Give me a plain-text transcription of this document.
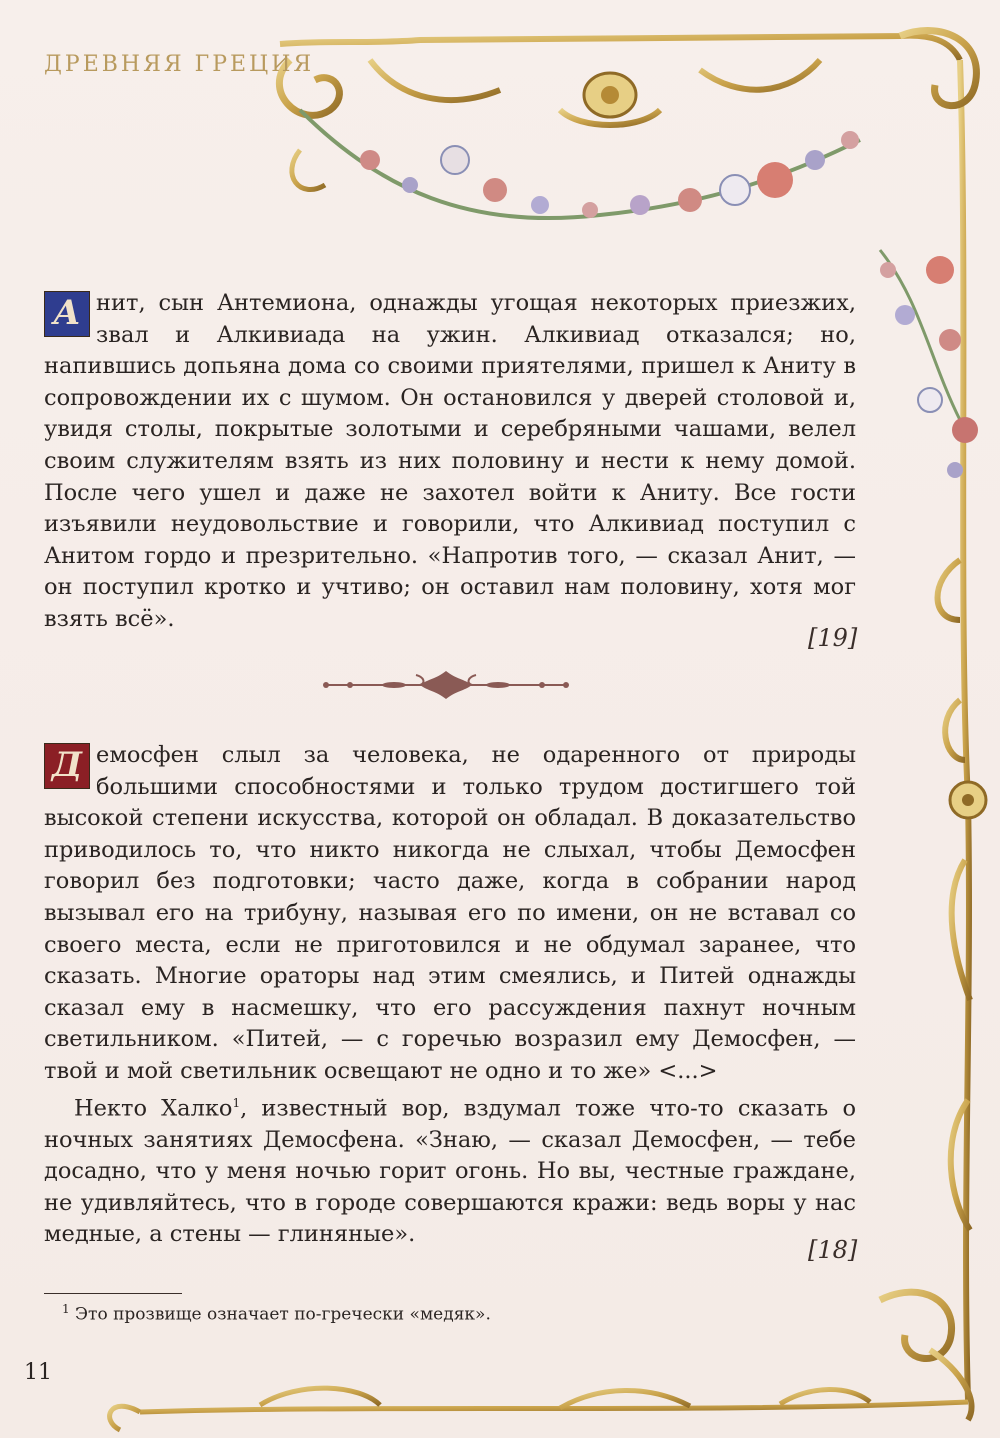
ДРЕВНЯЯ ГРЕЦИЯ

А нит, сын Антемиона, однажды угощая некоторых приезжих, звал и Алкивиада на ужин. Алкивиад отказался; но, напившись допьяна дома со своими приятелями, пришел к Аниту в сопровождении их с шумом. Он остановился у дверей столовой и, увидя столы, покрытые золотыми и серебряными чашами, велел своим служителям взять из них половину и нести к нему домой. После чего ушел и даже не захотел войти к Аниту. Все гости изъявили неудовольствие и говорили, что Алкивиад поступил с Анитом гордо и презрительно. «Напротив того, — сказал Анит, — он поступил кротко и учтиво; он оставил нам половину, хотя мог взять всё».

[19]

Д емосфен слыл за человека, не одаренного от природы большими способностями и только трудом достигшего той высокой степени искусства, которой он обладал. В доказательство приводилось то, что никто никогда не слыхал, чтобы Демосфен говорил без подготовки; часто даже, когда в собрании народ вызывал его на трибуну, называя его по имени, он не вставал со своего места, если не приготовился и не обдумал заранее, что сказать. Многие ораторы над этим смеялись, и Питей однажды сказал ему в насмешку, что его рассуждения пахнут ночным светильником. «Питей, — с горечью возразил ему Демосфен, — твой и мой светильник освещают не одно и то же» <...>

Некто Халко$^1$, известный вор, вздумал тоже что-то сказать о ночных занятиях Демосфена. «Знаю, — сказал Демосфен, — тебе досадно, что у меня ночью горит огонь. Но вы, честные граждане, не удивляйтесь, что в городе совершаются кражи: ведь воры у нас медные, а стены — глиняные».

[18]
$^1$ Это прозвище означает по-гречески «медяк».
11
